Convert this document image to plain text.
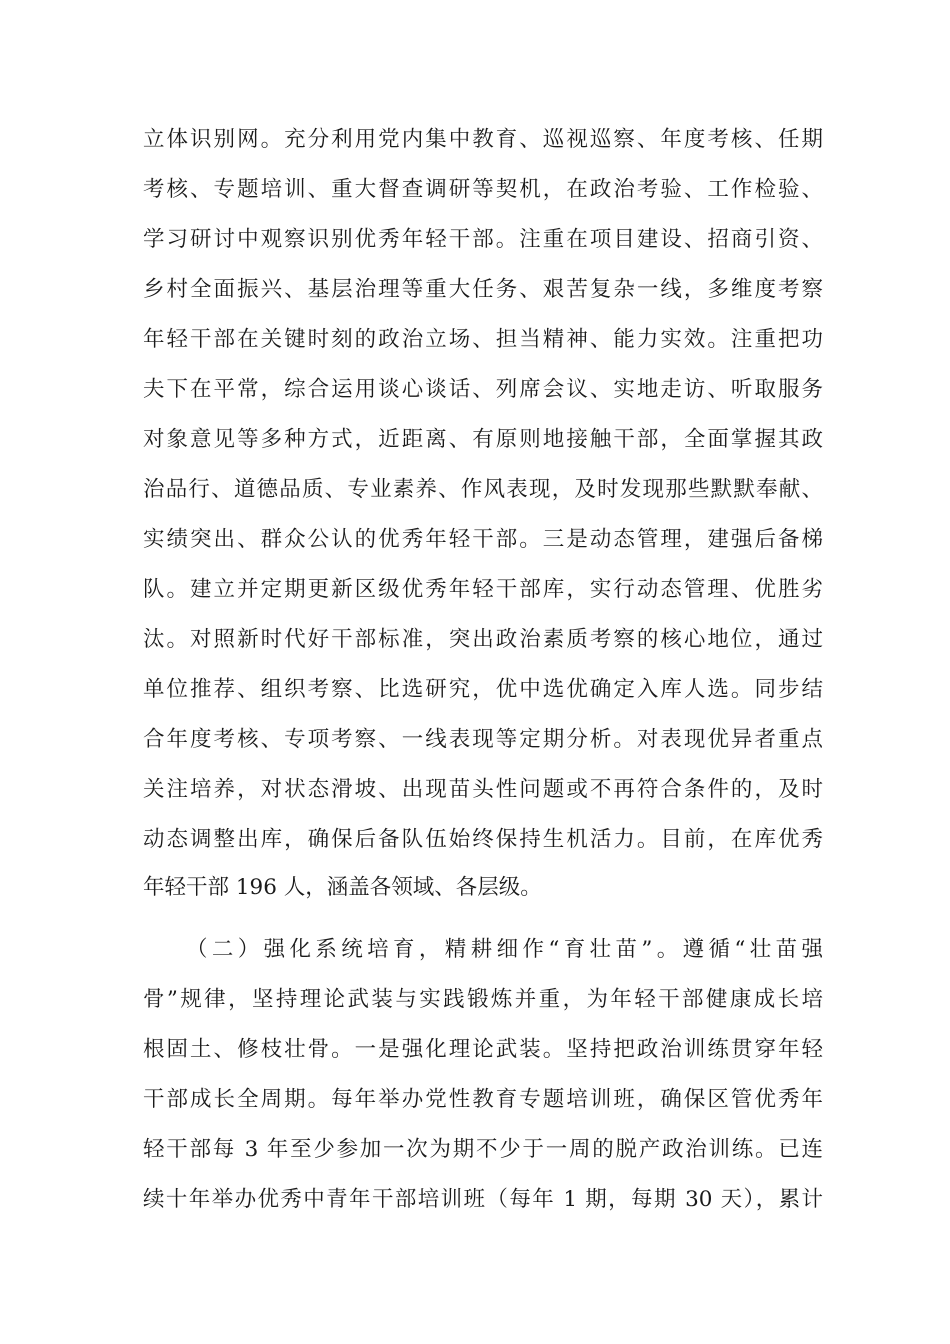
立体识别网。充分利用党内集中教育、巡视巡察、年度考核、任期
考核、专题培训、重大督查调研等契机，在政治考验、工作检验、
学习研讨中观察识别优秀年轻干部。注重在项目建设、招商引资、
乡村全面振兴、基层治理等重大任务、艰苦复杂一线，多维度考察
年轻干部在关键时刻的政治立场、担当精神、能力实效。注重把功
夫下在平常，综合运用谈心谈话、列席会议、实地走访、听取服务
对象意见等多种方式，近距离、有原则地接触干部，全面掌握其政
治品行、道德品质、专业素养、作风表现，及时发现那些默默奉献、
实绩突出、群众公认的优秀年轻干部。三是动态管理，建强后备梯
队。建立并定期更新区级优秀年轻干部库，实行动态管理、优胜劣
汰。对照新时代好干部标准，突出政治素质考察的核心地位，通过
单位推荐、组织考察、比选研究，优中选优确定入库人选。同步结
合年度考核、专项考察、一线表现等定期分析。对表现优异者重点
关注培养，对状态滑坡、出现苗头性问题或不再符合条件的，及时
动态调整出库，确保后备队伍始终保持生机活力。目前，在库优秀
年轻干部 196 人，涵盖各领域、各层级。
（二）强化系统培育，精耕细作“育壮苗”。遵循“壮苗强
骨”规律，坚持理论武装与实践锻炼并重，为年轻干部健康成长培
根固土、修枝壮骨。一是强化理论武装。坚持把政治训练贯穿年轻
干部成长全周期。每年举办党性教育专题培训班，确保区管优秀年
轻干部每 3 年至少参加一次为期不少于一周的脱产政治训练。已连
续十年举办优秀中青年干部培训班（每年 1 期，每期 30 天），累计
